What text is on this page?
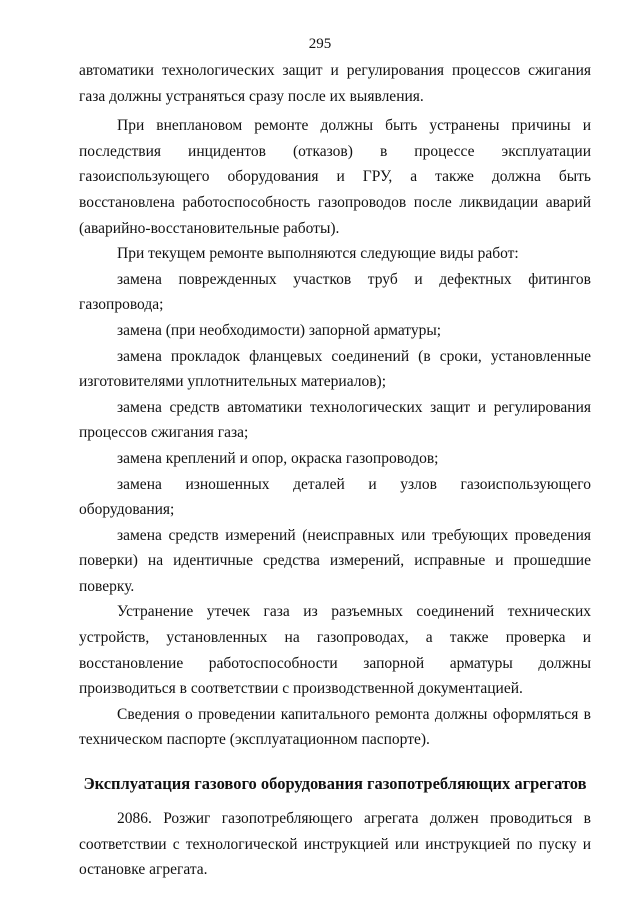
295

автоматики технологических защит и регулирования процессов сжигания газа должны устраняться сразу после их выявления.

При внеплановом ремонте должны быть устранены причины и последствия инцидентов (отказов) в процессе эксплуатации газоиспользующего оборудования и ГРУ, а также должна быть восстановлена работоспособность газопроводов после ликвидации аварий (аварийно-восстановительные работы).

При текущем ремонте выполняются следующие виды работ:

замена поврежденных участков труб и дефектных фитингов газопровода;

замена (при необходимости) запорной арматуры;

замена прокладок фланцевых соединений (в сроки, установленные изготовителями уплотнительных материалов);

замена средств автоматики технологических защит и регулирования процессов сжигания газа;

замена креплений и опор, окраска газопроводов;

замена изношенных деталей и узлов газоиспользующего оборудования;

замена средств измерений (неисправных или требующих проведения поверки) на идентичные средства измерений, исправные и прошедшие поверку.

Устранение утечек газа из разъемных соединений технических устройств, установленных на газопроводах, а также проверка и восстановление работоспособности запорной арматуры должны производиться в соответствии с производственной документацией.

Сведения о проведении капитального ремонта должны оформляться в техническом паспорте (эксплуатационном паспорте).

Эксплуатация газового оборудования газопотребляющих агрегатов

2086. Розжиг газопотребляющего агрегата должен проводиться в соответствии с технологической инструкцией или инструкцией по пуску и остановке агрегата.
